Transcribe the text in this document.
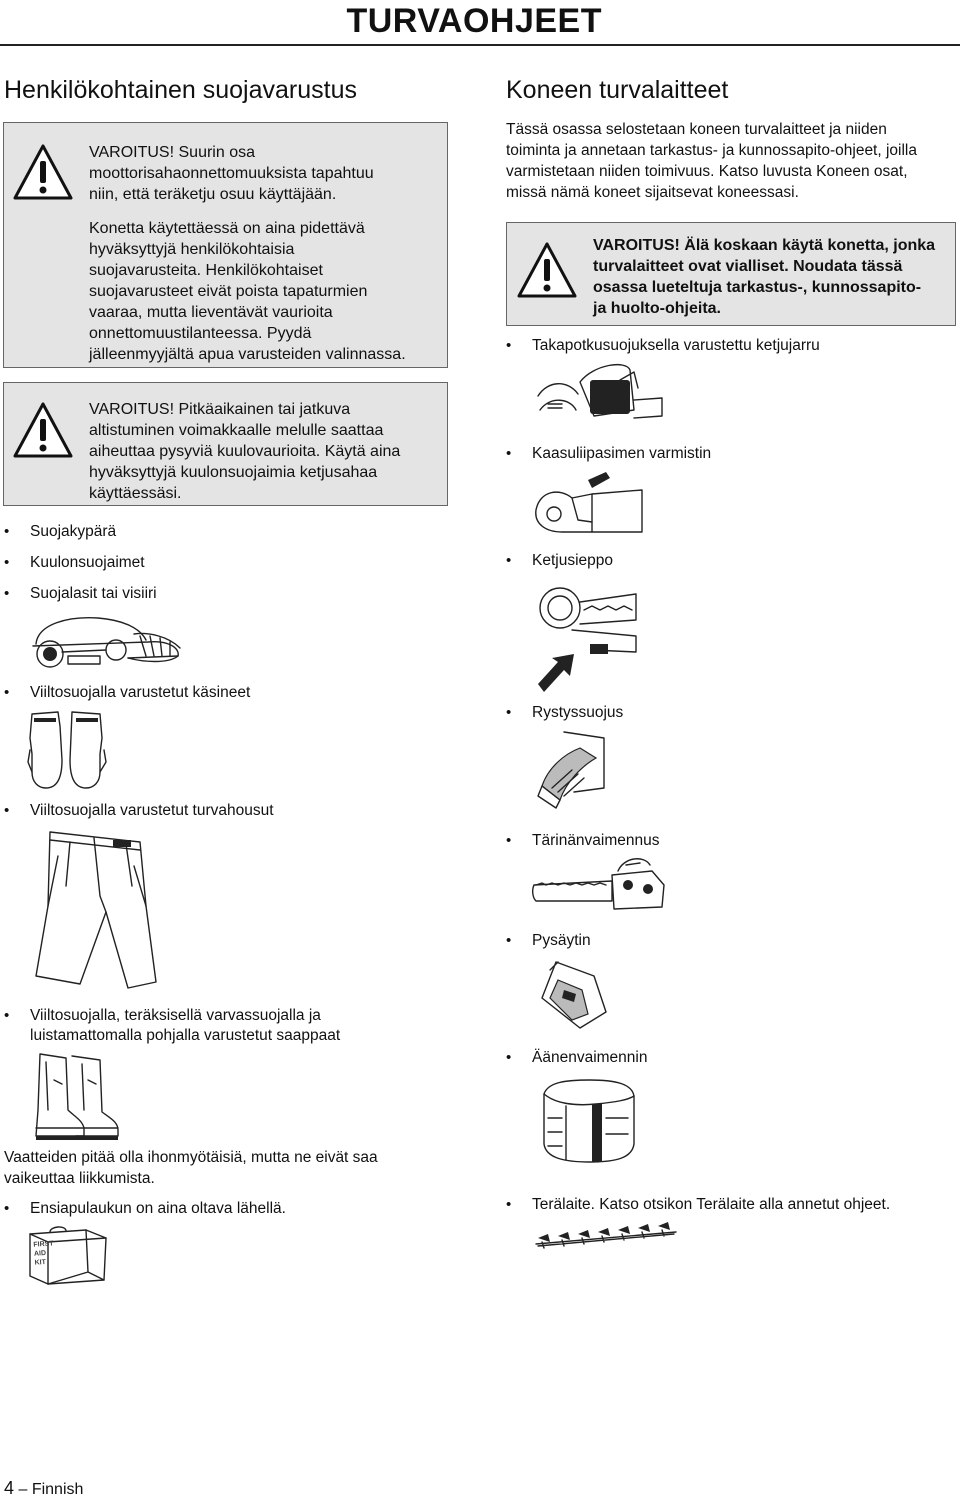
TURVAOHJEET
Henkilökohtainen suojavarustus
VAROITUS! Suurin osa
moottorisahaonnettomuuksista tapahtuu
niin, että teräketju osuu käyttäjään.
Konetta käytettäessä on aina pidettävä
hyväksyttyjä henkilökohtaisia
suojavarusteita. Henkilökohtaiset
suojavarusteet eivät poista tapaturmien
vaaraa, mutta lieventävät vaurioita
onnettomuustilanteessa. Pyydä
jälleenmyyjältä apua varusteiden valinnassa.
VAROITUS! Pitkäaikainen tai jatkuva
altistuminen voimakkaalle melulle saattaa
aiheuttaa pysyviä kuulovaurioita. Käytä aina
hyväksyttyjä kuulonsuojaimia ketjusahaa
käyttäessäsi.
• Suojakypärä
• Kuulonsuojaimet
• Suojalasit tai visiiri
• Viiltosuojalla varustetut käsineet
• Viiltosuojalla varustetut turvahousut
• Viiltosuojalla, teräksisellä varvassuojalla ja
luistamattomalla pohjalla varustetut saappaat
Vaatteiden pitää olla ihonmyötäisiä, mutta ne eivät saa
vaikeuttaa liikkumista.
• Ensiapulaukun on aina oltava lähellä.
FIRST
AID
KIT
Koneen turvalaitteet
Tässä osassa selostetaan koneen turvalaitteet ja niiden
toiminta ja annetaan tarkastus- ja kunnossapito-ohjeet, joilla
varmistetaan niiden toimivuus. Katso luvusta Koneen osat,
missä nämä koneet sijaitsevat koneessasi.
VAROITUS! Älä koskaan käytä konetta, jonka
turvalaitteet ovat vialliset. Noudata tässä
osassa lueteltuja tarkastus-, kunnossapito-
ja huolto-ohjeita.
• Takapotkusuojuksella varustettu ketjujarru
• Kaasuliipasimen varmistin
• Ketjusieppo
• Rystyssuojus
• Tärinänvaimennus
• Pysäytin
• Äänenvaimennin
• Terälaite. Katso otsikon Terälaite alla annetut ohjeet.
4 – Finnish
